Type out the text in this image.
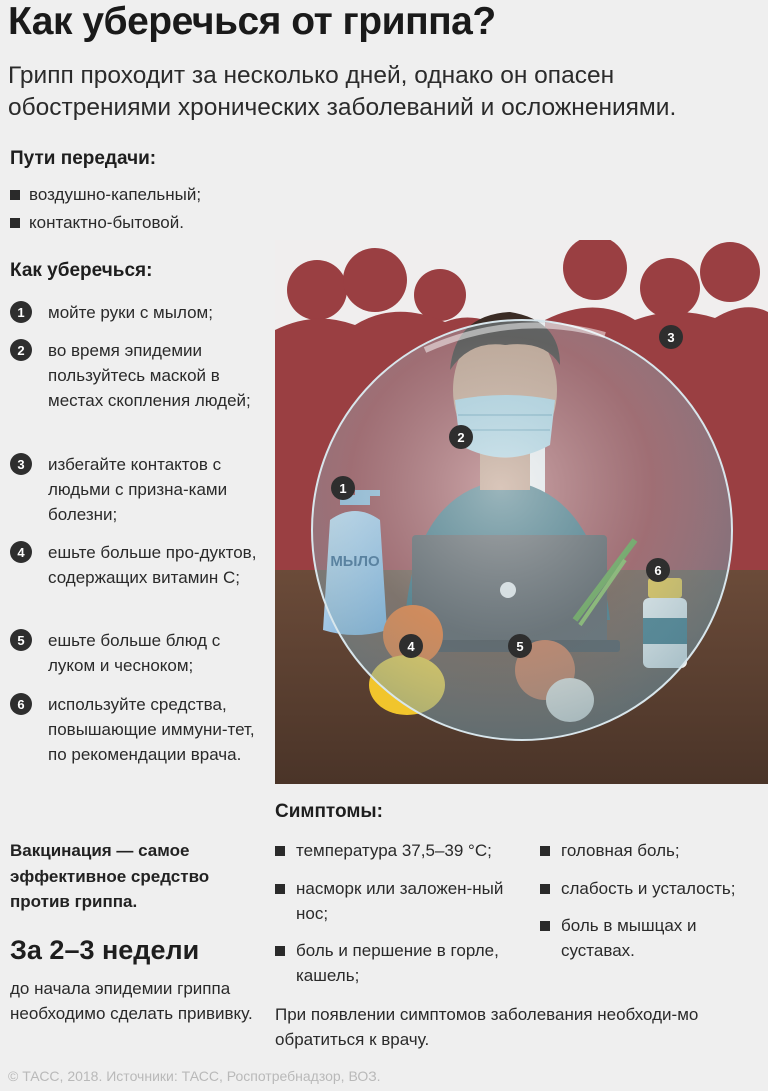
Как уберечься от гриппа?
Грипп проходит за несколько дней, однако он опасен обострениями хронических заболеваний и осложнениями.
Пути передачи:
воздушно-капельный;
контактно-бытовой.
Как уберечься:
1	мойте руки с мылом;
2	во время эпидемии пользуйтесь маской в местах скопления людей;
3	избегайте контактов с людьми с призна-ками болезни;
4	ешьте больше про-дуктов, содержащих витамин С;
5	ешьте больше блюд с луком и чесноком;
6	используйте средства, повышающие иммуни-тет, по рекомендации врача.
1
2
3
4	5
6
Симптомы:
температура 37,5–39 °С;
насморк или заложен-ный нос;
боль и першение в горле, кашель;
головная боль;
слабость и усталость;
боль в мышцах и суставах.
Вакцинация — самое эффективное средство против гриппа.
За 2–3 недели
до начала эпидемии гриппа необходимо сделать прививку.	При появлении симптомов заболевания необходи-мо обратиться к врачу.
© ТАСС, 2018. Источники: ТАСС, Роспотребнадзор, ВОЗ.
